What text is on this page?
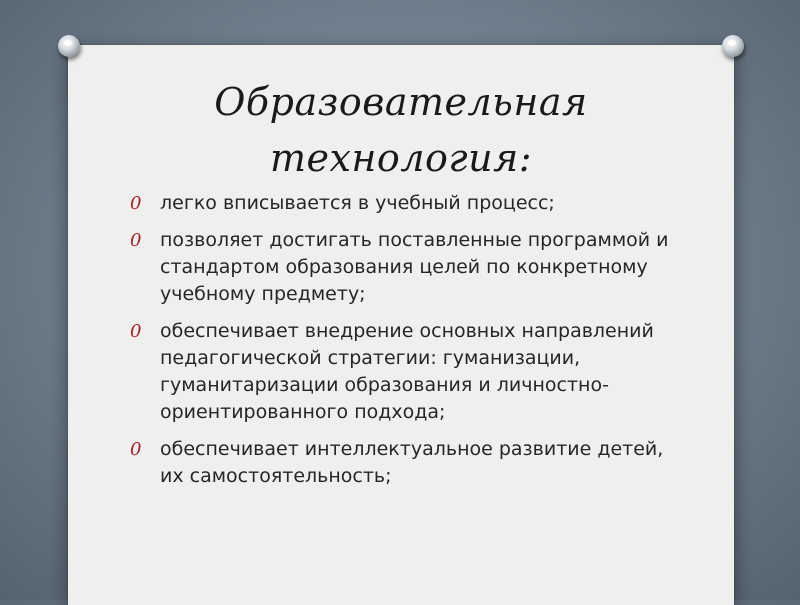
Образовательная
технология:
0 легко вписывается в учебный процесс;
0 позволяет достигать поставленные программой и стандартом образования целей по конкретному учебному предмету;
0 обеспечивает внедрение основных направлений педагогической стратегии: гуманизации, гуманитаризации образования и личностно-ориентированного подхода;
0 обеспечивает интеллектуальное развитие детей, их самостоятельность;
